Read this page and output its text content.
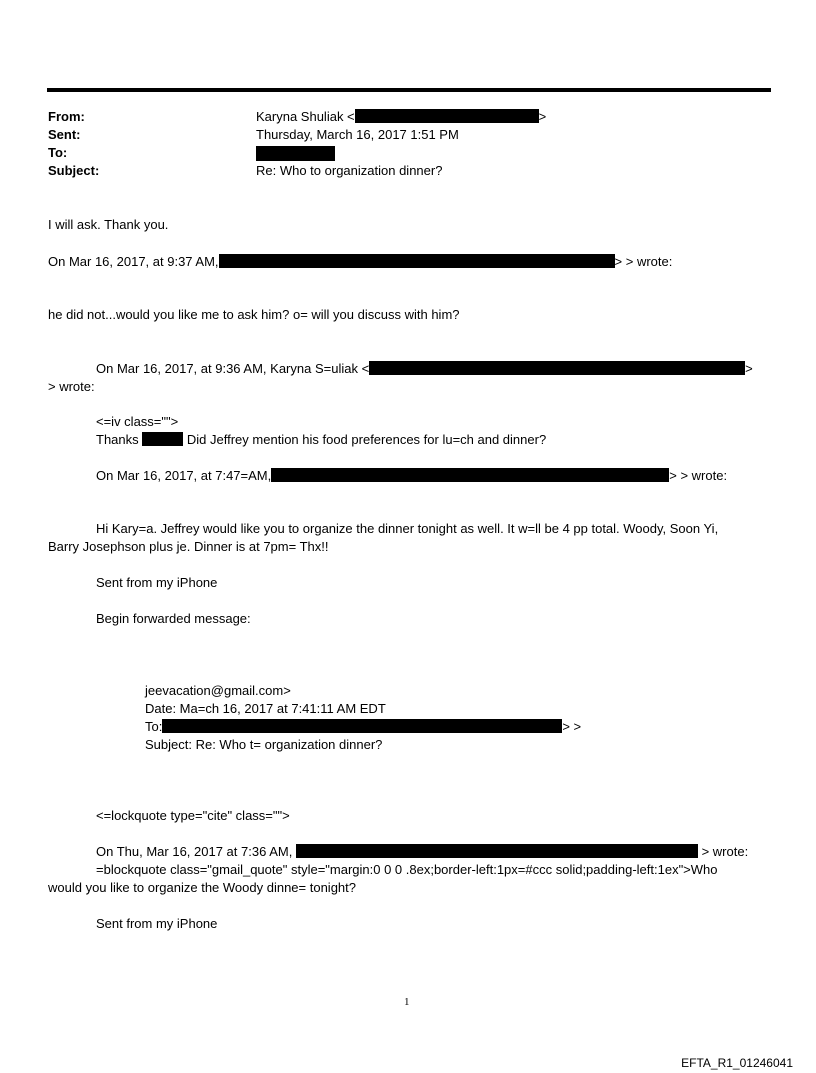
From:	Karyna Shuliak <	>
Sent:	Thursday, March 16, 2017 1:51 PM
To:
Subject:	Re: Who to organization dinner?
I will ask. Thank you.
On Mar 16, 2017, at 9:37 AM,	> > wrote:
he did not...would you like me to ask him? o= will you discuss with him?
On Mar 16, 2017, at 9:36 AM, Karyna S=uliak <	>
> wrote:
<=iv class="">
Thanks	Did Jeffrey mention his food preferences for lu=ch and dinner?
On Mar 16, 2017, at 7:47=AM,	> > wrote:
Hi Kary=a. Jeffrey would like you to organize the dinner tonight as well. It w=ll be 4 pp total. Woody, Soon Yi,
Barry Josephson plus je. Dinner is at 7pm= Thx!!
Sent from my iPhone
Begin forwarded message:
jeevacation@gmail.com>
Date: Ma=ch 16, 2017 at 7:41:11 AM EDT
To:	> >
Subject: Re: Who t= organization dinner?
<=lockquote type="cite" class="">
On Thu, Mar 16, 2017 at 7:36 AM,	> wrote:
=blockquote class="gmail_quote" style="margin:0 0 0 .8ex;border-left:1px=#ccc solid;padding-left:1ex">Who
would you like to organize the Woody dinne= tonight?
Sent from my iPhone
1
EFTA_R1_01246041
